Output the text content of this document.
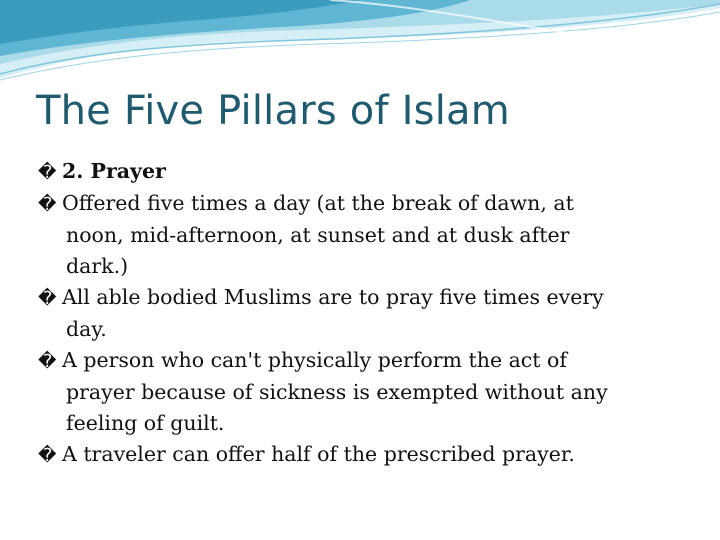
The Five Pillars of Islam
� 2. Prayer
� Offered five times a day (at the break of dawn, at
noon, mid-afternoon, at sunset and at dusk after
dark.)
� All able bodied Muslims are to pray five times every
day.
� A person who can't physically perform the act of
prayer because of sickness is exempted without any
feeling of guilt.
� A traveler can offer half of the prescribed prayer.
